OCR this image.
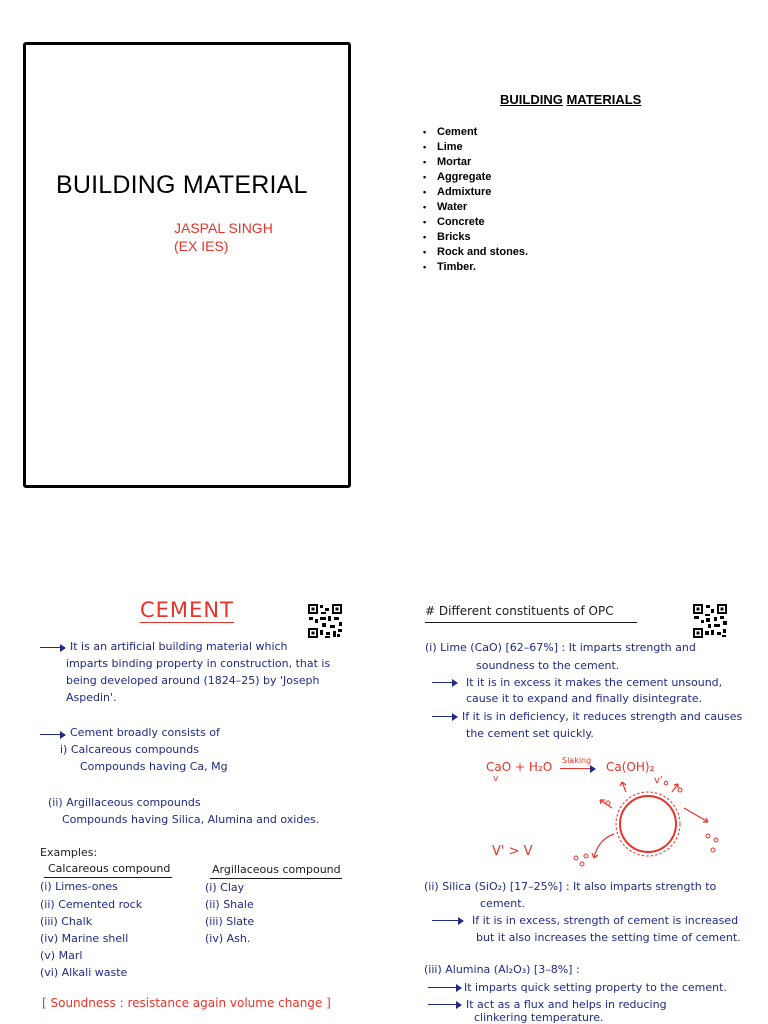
BUILDING MATERIAL
JASPAL SINGH
(EX IES)
BUILDING MATERIALS
• Cement
• Lime
• Mortar
• Aggregate
• Admixture
• Water
• Concrete
• Bricks
• Rock and stones.
• Timber.
CEMENT
It is an artificial building material which
imparts binding property in construction, that is
being developed around (1824–25) by 'Joseph
Aspedin'.
Cement broadly consists of
i) Calcareous compounds
Compounds having Ca, Mg
(ii) Argillaceous compounds
Compounds having Silica, Alumina and oxides.
Examples:
Calcareous compound	Argillaceous compound
(i) Limes-ones
(ii) Cemented rock
(iii) Chalk
(iv) Marine shell
(v) Marl
(vi) Alkali waste
(i) Clay
(ii) Shale
(iii) Slate
(iv) Ash.
[ Soundness : resistance again volume change ]
# Different constituents of OPC
(i) Lime (CaO) [62–67%] : It imparts strength and
soundness to the cement.
It it is in excess it makes the cement unsound,
cause it to expand and finally disintegrate.
If it is in deficiency, it reduces strength and causes
the cement set quickly.
CaO + H₂O Slaking → Ca(OH)₂
v	v'
V' > V
(ii) Silica (SiO₂) [17–25%] : It also imparts strength to
cement.
If it is in excess, strength of cement is increased
but it also increases the setting time of cement.
(iii) Alumina (Al₂O₃) [3–8%] :
It imparts quick setting property to the cement.
It act as a flux and helps in reducing
clinkering temperature.
